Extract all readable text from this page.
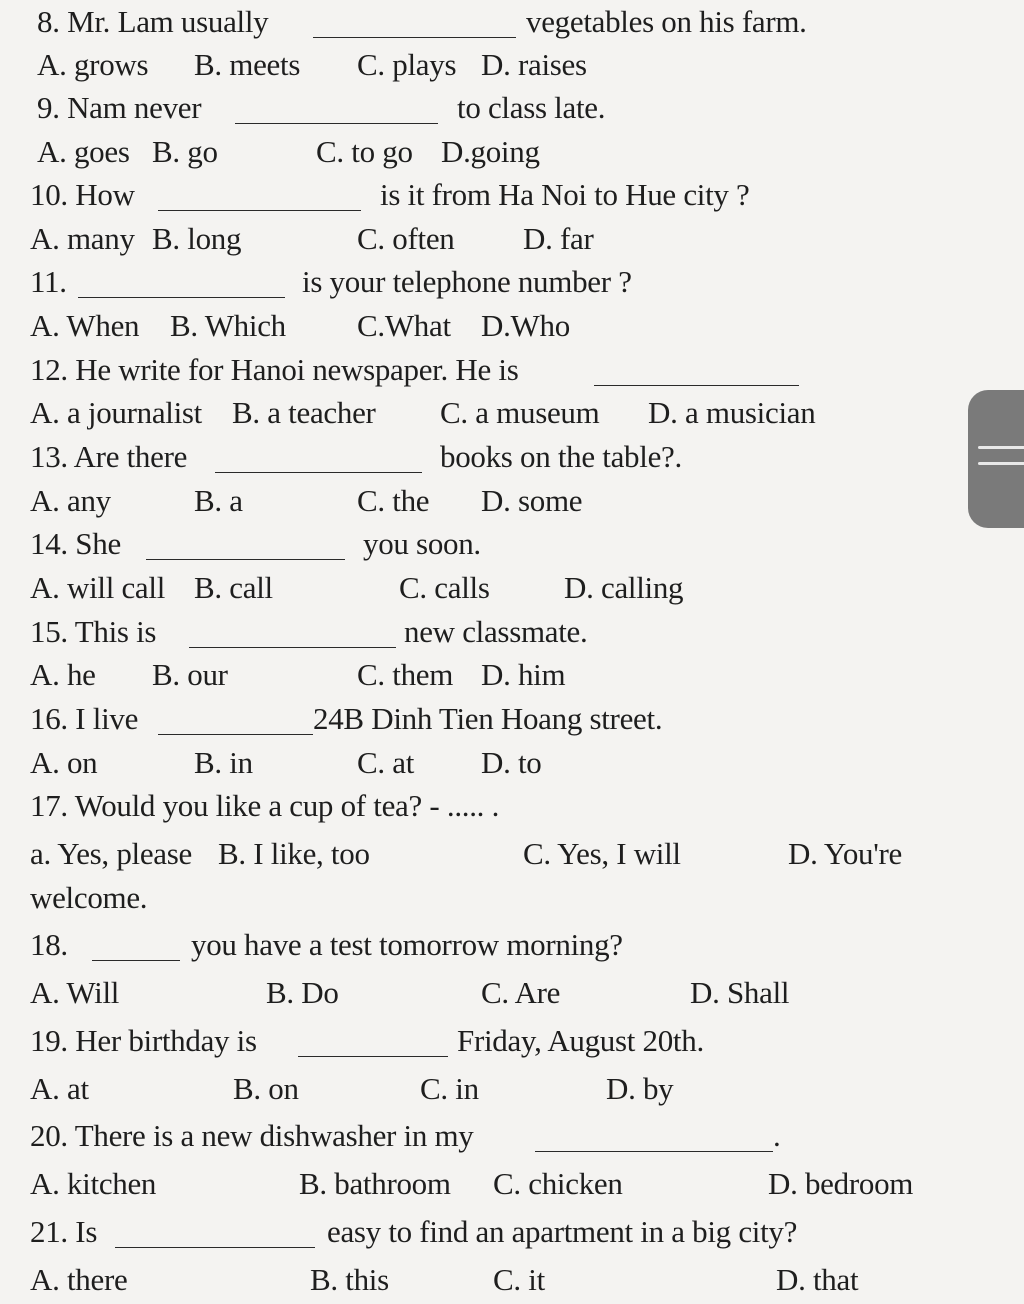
8. Mr. Lam usually	vegetables on his farm.
A. grows B. meets C. plays D. raises
9. Nam never	to class late.
A. goes B. go	C. to go D.going
10. How	is it from Ha Noi to Hue city ?
A. many B. long	C. often D. far
11.	is your telephone number ?
A. When B. Which C.What D.Who
12. He write for Hanoi newspaper. He is
A. a journalist B. a teacher C. a museum D. a musician
13. Are there	books on the table?.
A. any	B. a	C. the D. some
14. She	you soon.
A. will call B. call	C. calls D. calling
15. This is	new classmate.
A. he B. our	C. them D. him
16. I live	24B Dinh Tien Hoang street.
A. on	B. in	C. at D. to
17. Would you like a cup of tea? - ..... .
a. Yes, please B. I like, too	C. Yes, I will	D. You're
welcome.
18.	you have a test tomorrow morning?
A. Will	B. Do	C. Are	D. Shall
19. Her birthday is	Friday, August 20th.
A. at	B. on	C. in	D. by
20. There is a new dishwasher in my	.
A. kitchen	B. bathroom C. chicken	D. bedroom
21. Is	easy to find an apartment in a big city?
A. there	B. this	C. it	D. that
